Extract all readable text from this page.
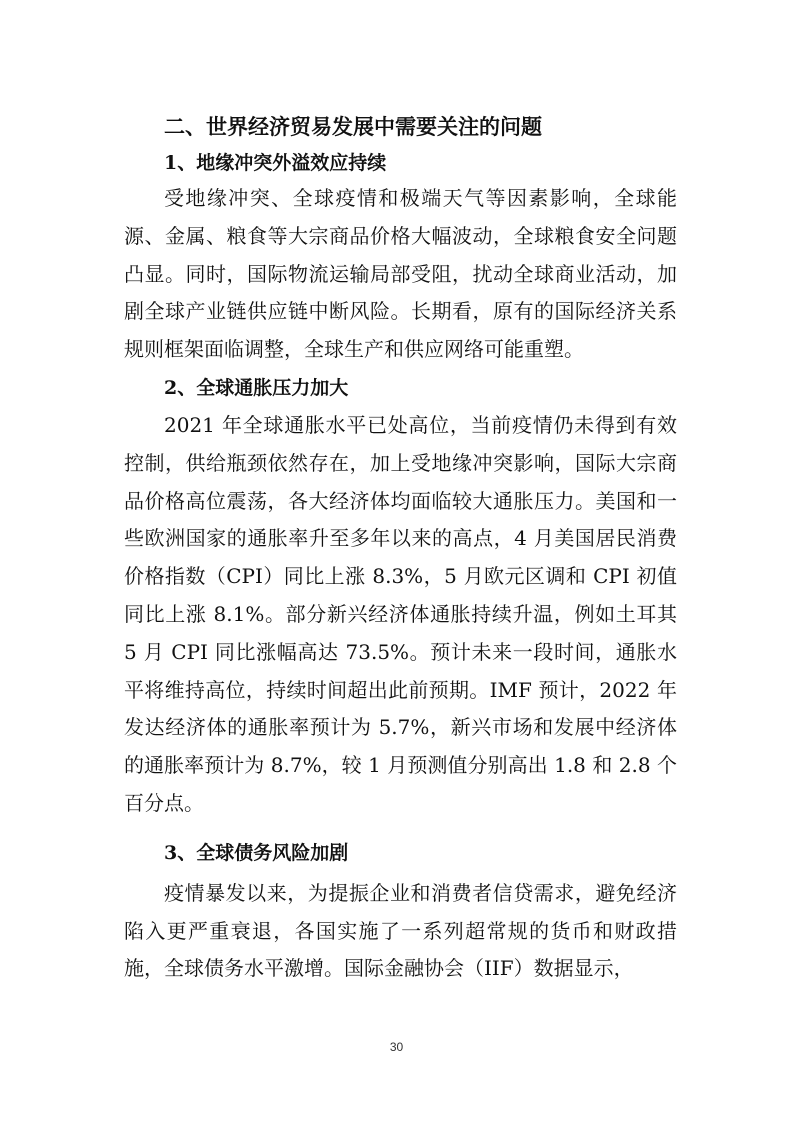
二、世界经济贸易发展中需要关注的问题
1、地缘冲突外溢效应持续

受地缘冲突、全球疫情和极端天气等因素影响，全球能源、金属、粮食等大宗商品价格大幅波动，全球粮食安全问题凸显。同时，国际物流运输局部受阻，扰动全球商业活动，加剧全球产业链供应链中断风险。长期看，原有的国际经济关系规则框架面临调整，全球生产和供应网络可能重塑。

2、全球通胀压力加大

2021 年全球通胀水平已处高位，当前疫情仍未得到有效控制，供给瓶颈依然存在，加上受地缘冲突影响，国际大宗商品价格高位震荡，各大经济体均面临较大通胀压力。美国和一些欧洲国家的通胀率升至多年以来的高点，4 月美国居民消费价格指数（CPI）同比上涨 8.3%，5 月欧元区调和 CPI 初值同比上涨 8.1%。部分新兴经济体通胀持续升温，例如土耳其 5 月 CPI 同比涨幅高达 73.5%。预计未来一段时间，通胀水平将维持高位，持续时间超出此前预期。IMF 预计，2022 年发达经济体的通胀率预计为 5.7%，新兴市场和发展中经济体的通胀率预计为 8.7%，较 1 月预测值分别高出 1.8 和 2.8 个百分点。

3、全球债务风险加剧

疫情暴发以来，为提振企业和消费者信贷需求，避免经济陷入更严重衰退，各国实施了一系列超常规的货币和财政措施，全球债务水平激增。国际金融协会（IIF）数据显示，

30
